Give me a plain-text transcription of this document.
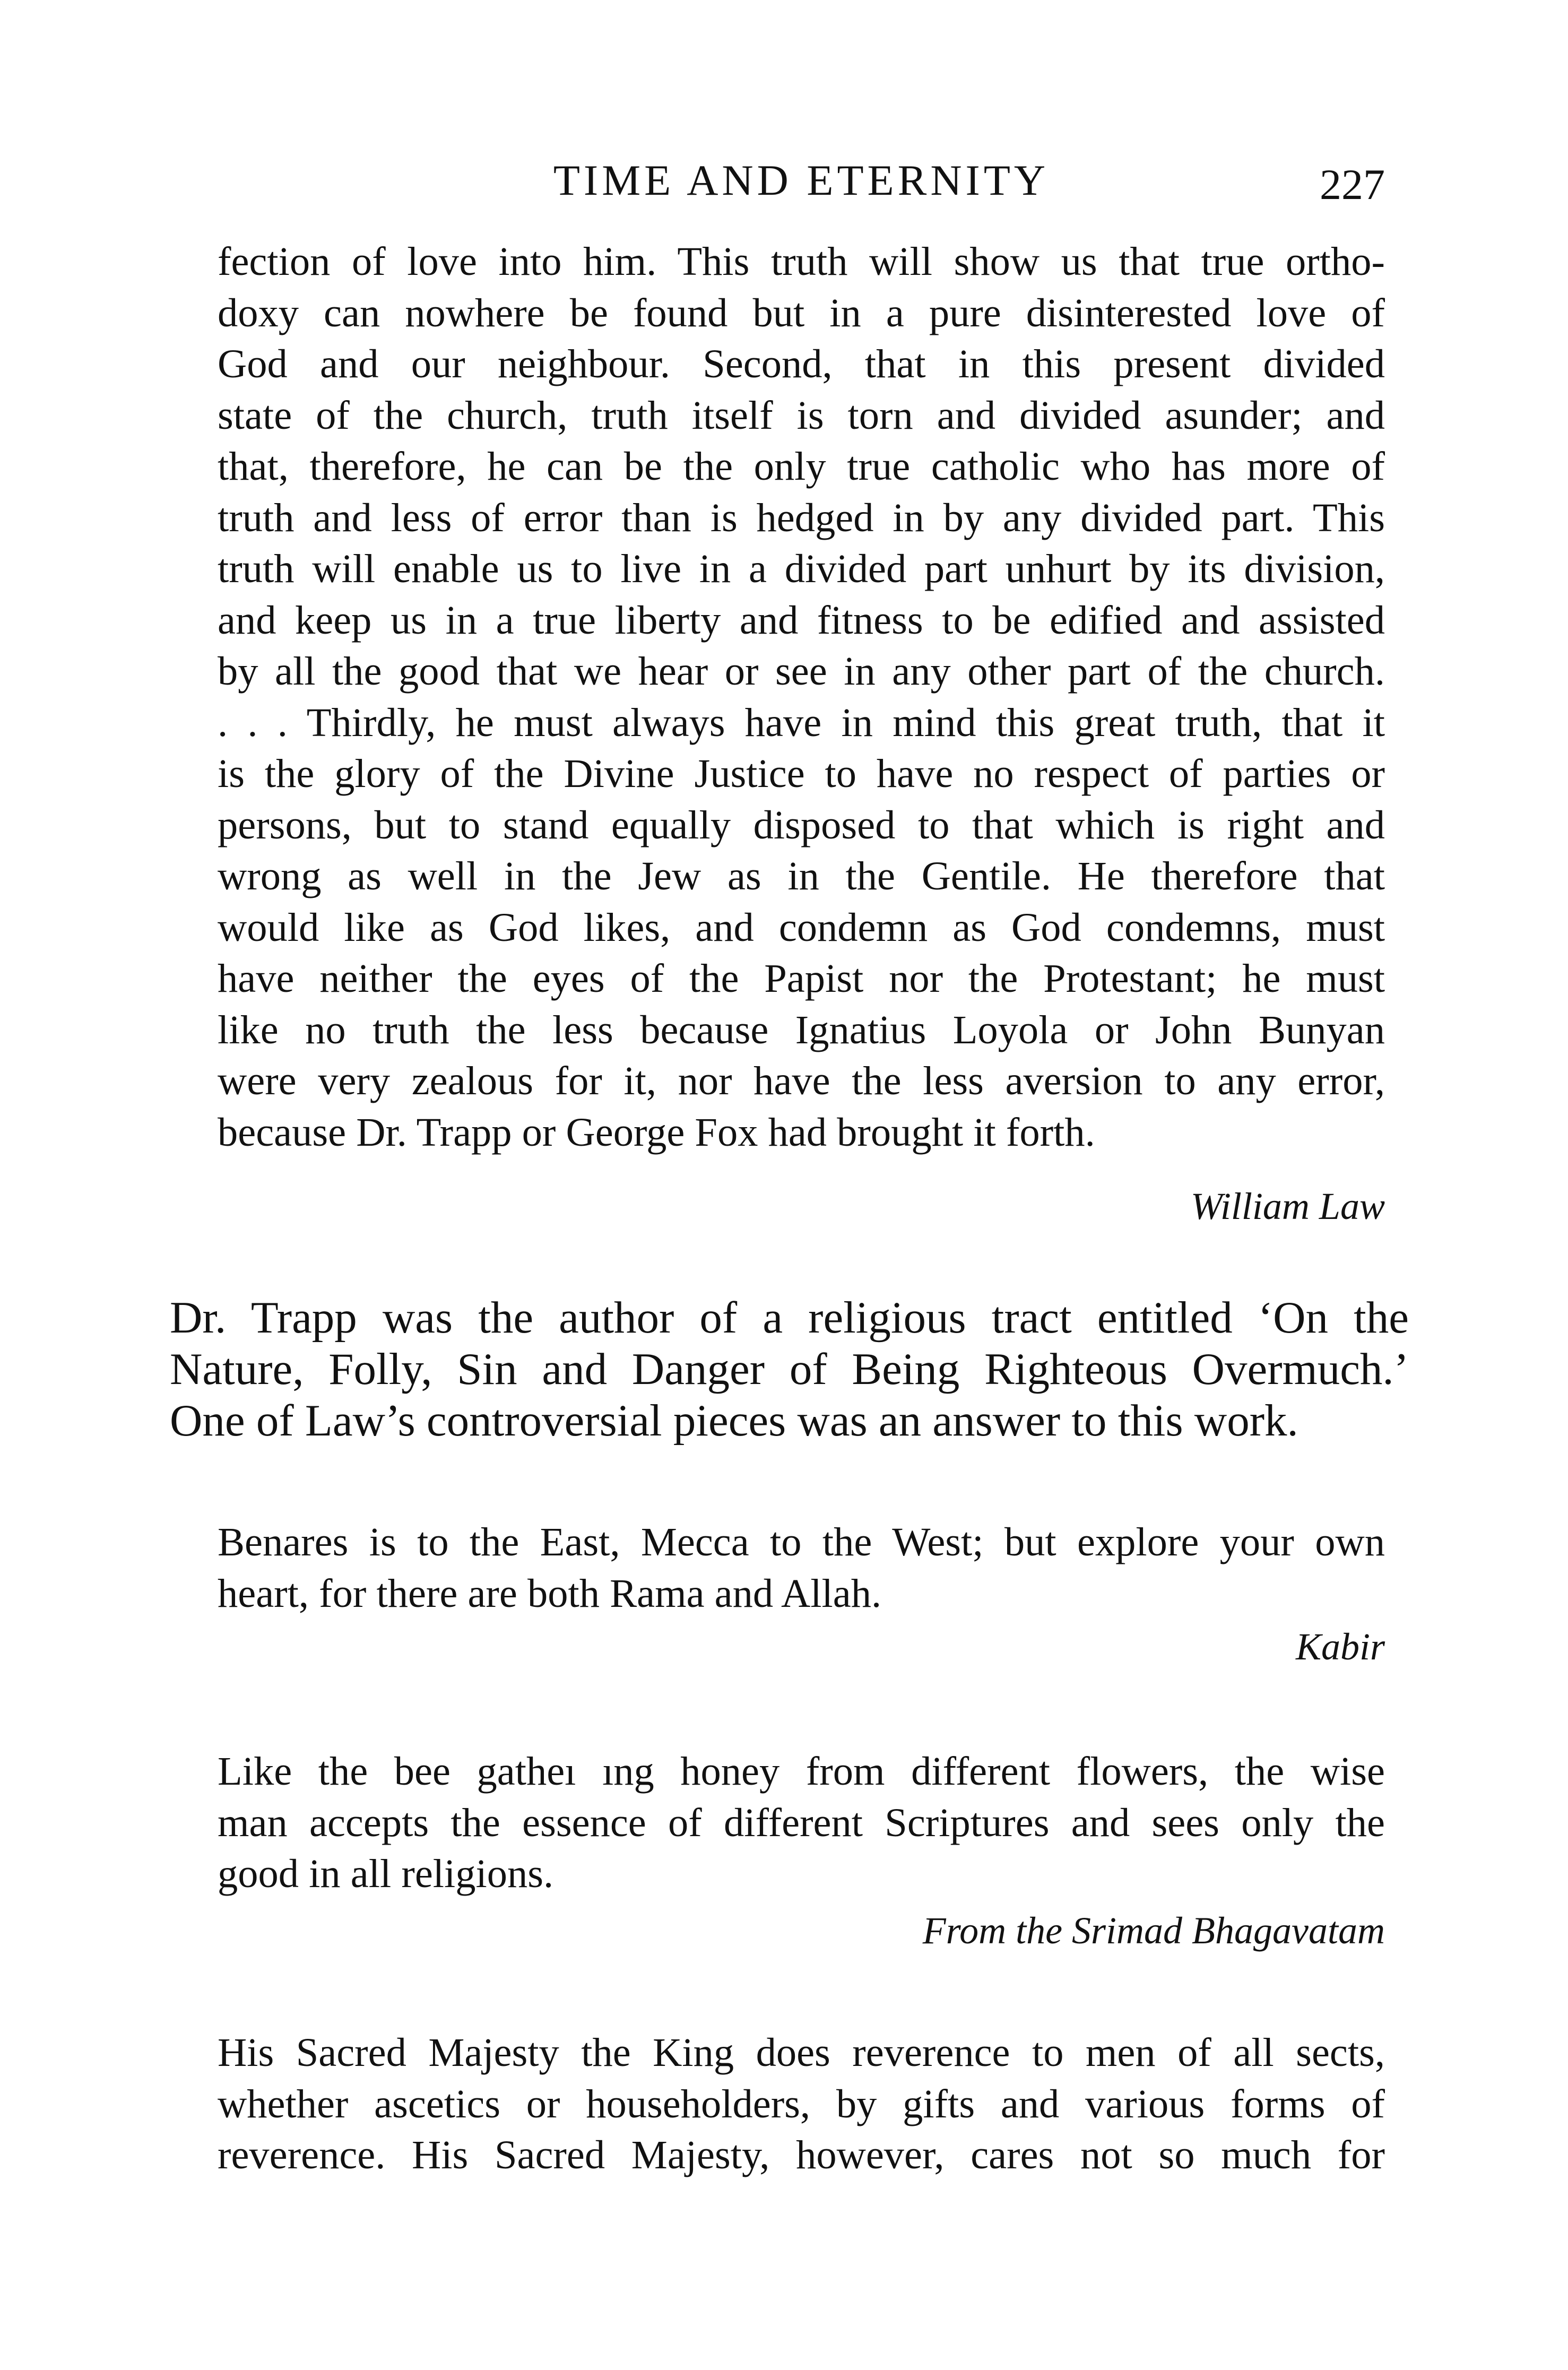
TIME AND ETERNITY	227

fection of love into him. This truth will show us that true ortho-
doxy can nowhere be found but in a pure disinterested love of
God and our neighbour. Second, that in this present divided
state of the church, truth itself is torn and divided asunder; and
that, therefore, he can be the only true catholic who has more of
truth and less of error than is hedged in by any divided part. This
truth will enable us to live in a divided part unhurt by its division,
and keep us in a true liberty and fitness to be edified and assisted
by all the good that we hear or see in any other part of the church.
. . . Thirdly, he must always have in mind this great truth, that it
is the glory of the Divine Justice to have no respect of parties or
persons, but to stand equally disposed to that which is right and
wrong as well in the Jew as in the Gentile. He therefore that
would like as God likes, and condemn as God condemns, must
have neither the eyes of the Papist nor the Protestant; he must
like no truth the less because Ignatius Loyola or John Bunyan
were very zealous for it, nor have the less aversion to any error,
because Dr. Trapp or George Fox had brought it forth.

William Law

Dr. Trapp was the author of a religious tract entitled ‘On the
Nature, Folly, Sin and Danger of Being Righteous Overmuch.’
One of Law’s controversial pieces was an answer to this work.

Benares is to the East, Mecca to the West; but explore your own
heart, for there are both Rama and Allah.

Kabir

Like the bee gatheı ıng honey from different flowers, the wise
man accepts the essence of different Scriptures and sees only the
good in all religions.

From the Srimad Bhagavatam

His Sacred Majesty the King does reverence to men of all sects,
whether ascetics or householders, by gifts and various forms of
reverence. His Sacred Majesty, however, cares not so much for
